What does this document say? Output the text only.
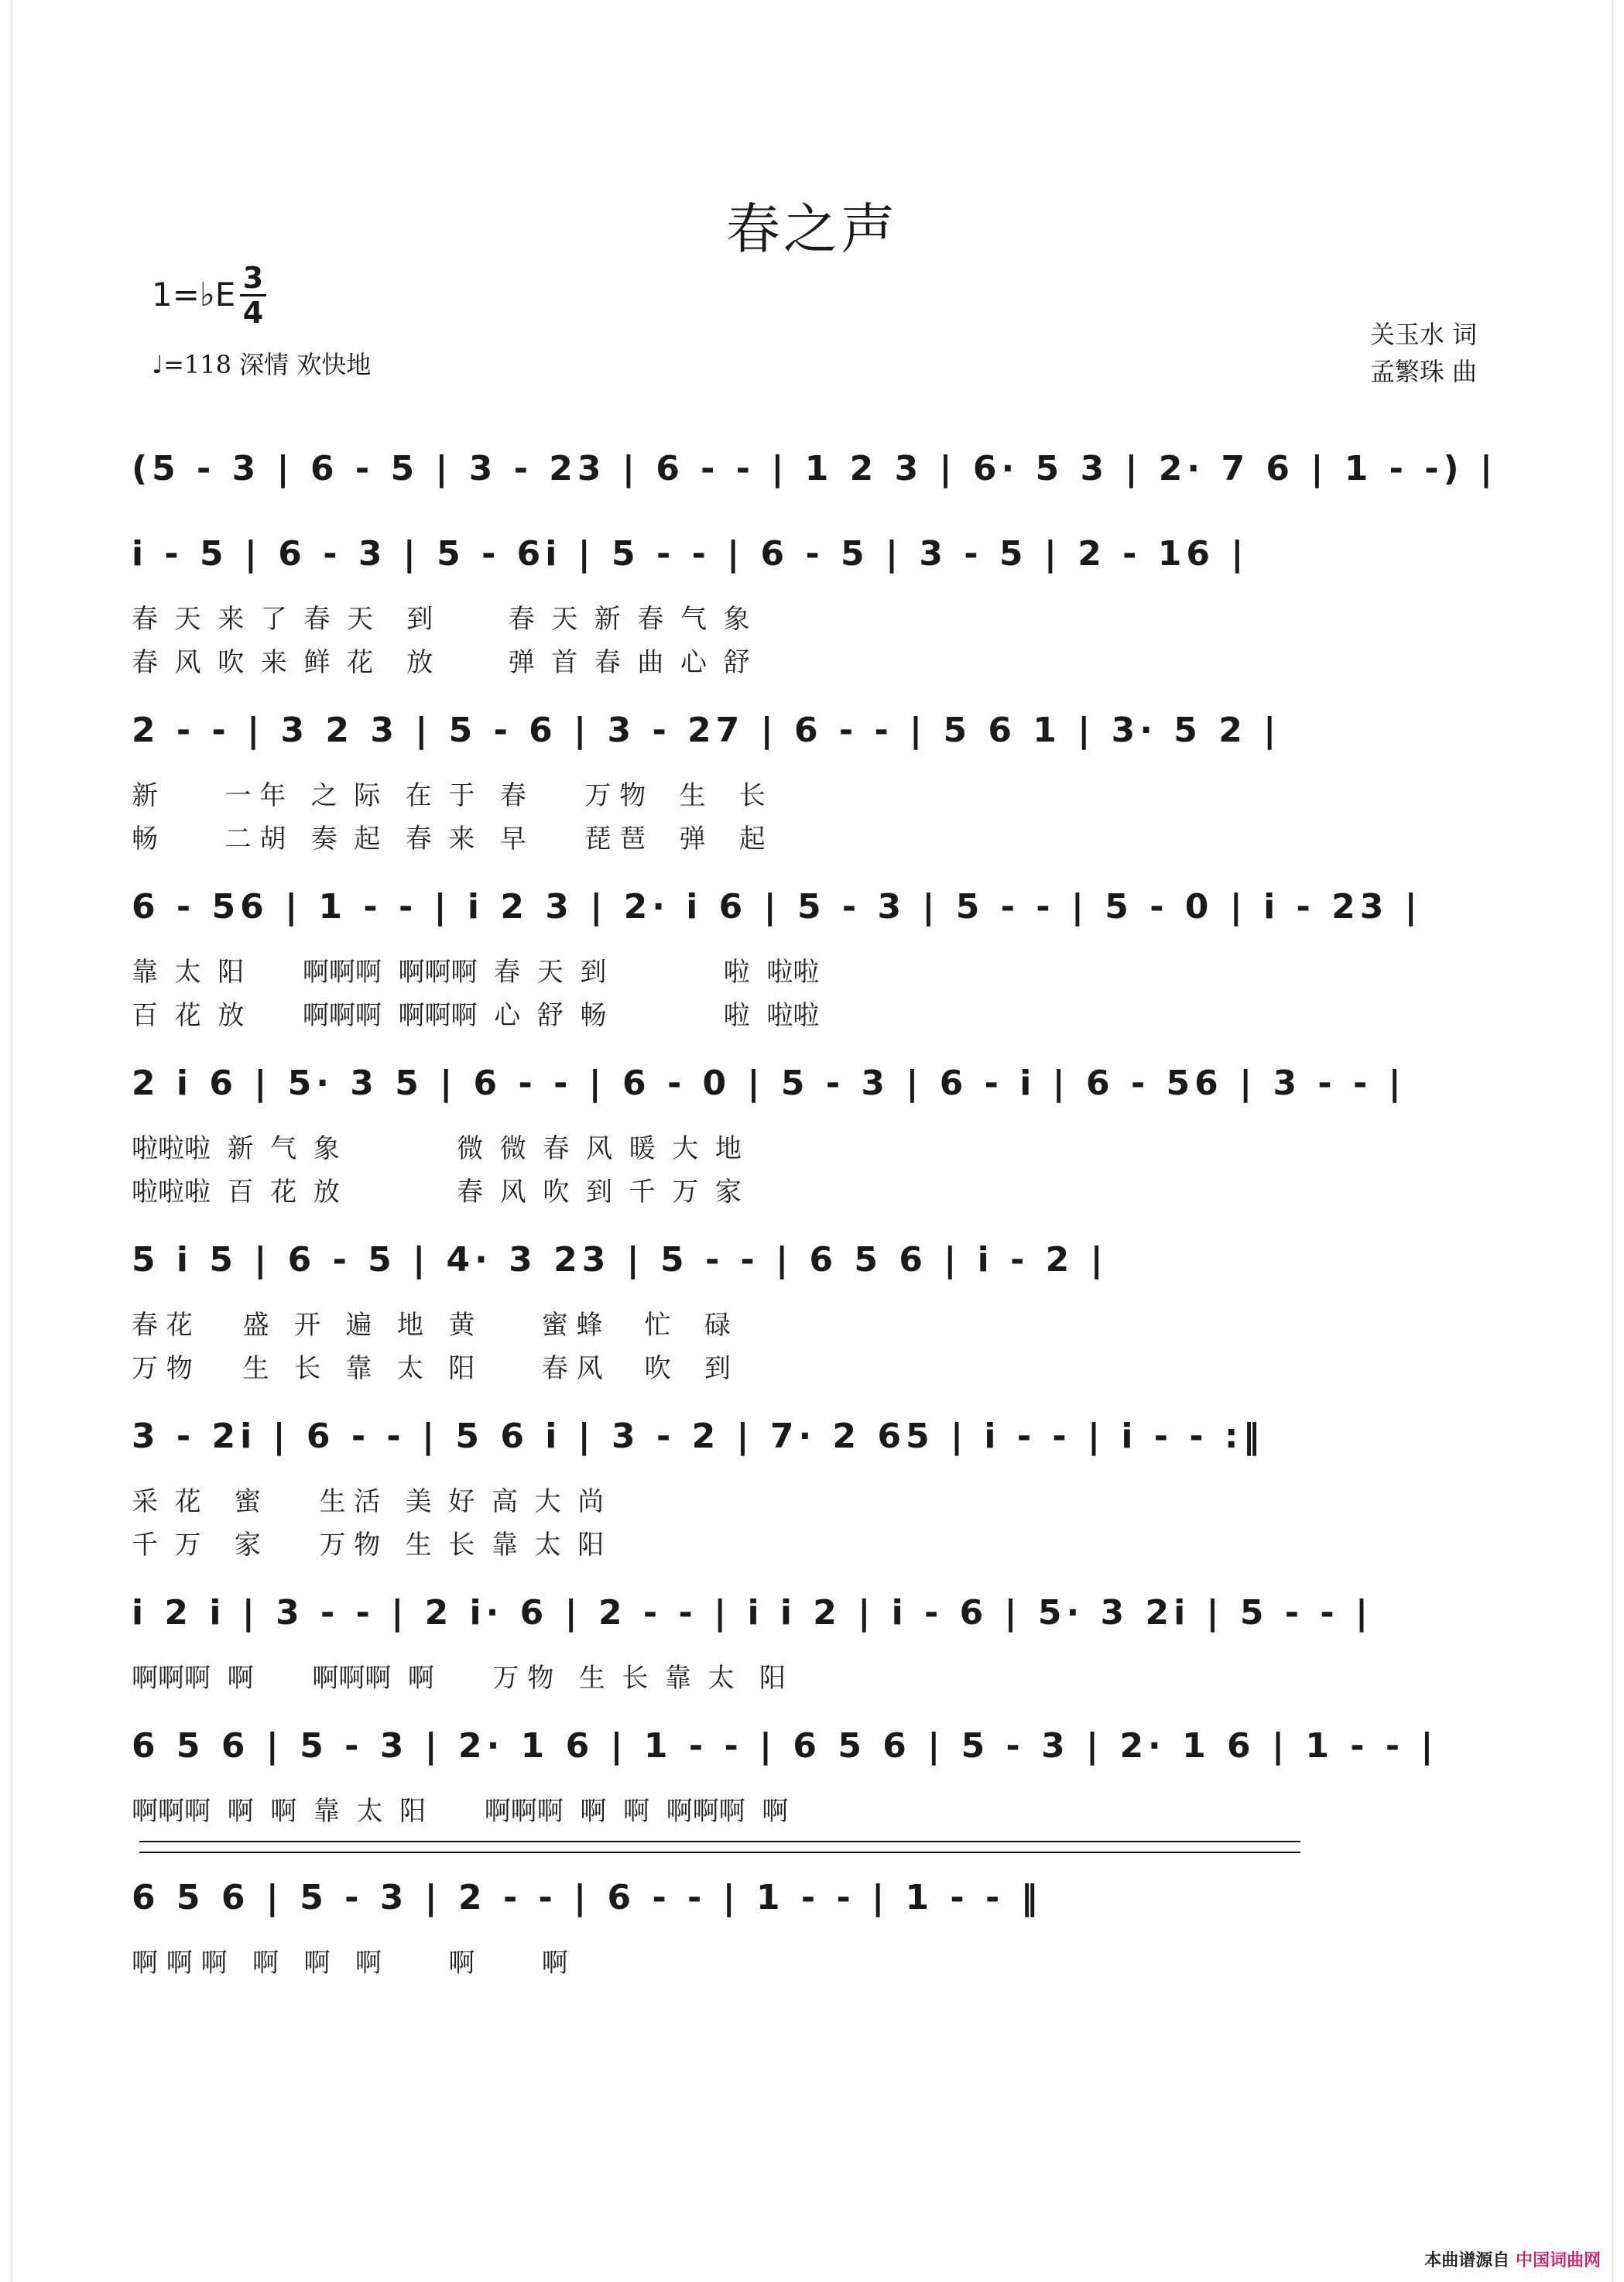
春之声
1=♭E 3
4
♩=118 深情 欢快地
关玉水 词
孟繁珠 曲
(5 - 3 | 6 - 5 | 3 - 23 | 6 - - | 1 2 3 | 6· 5 3 | 2· 7 6 | 1 - -) |
i - 5 | 6 - 3 | 5 - 6i | 5 - - | 6 - 5 | 3 - 5 | 2 - 16 |
春  天  来  了  春  天    到         春  天  新  春  气  象
春  风  吹  来  鲜  花    放         弹  首  春  曲  心  舒
2 - - | 3 2 3 | 5 - 6 | 3 - 27 | 6 - - | 5 6 1 | 3· 5 2 |
新        一 年   之  际   在  于   春       万 物    生    长
畅        二 胡   奏  起   春  来   早       琵 琶    弹    起
6 - 56 | 1 - - | i 2 3 | 2· i 6 | 5 - 3 | 5 - - | 5 - 0 | i - 23 |
靠  太  阳       啊啊啊  啊啊啊  春  天  到              啦  啦啦
百  花  放       啊啊啊  啊啊啊  心  舒  畅              啦  啦啦
2 i 6 | 5· 3 5 | 6 - - | 6 - 0 | 5 - 3 | 6 - i | 6 - 56 | 3 - - |
啦啦啦  新  气  象              微  微  春  风  暖  大  地
啦啦啦  百  花  放              春  风  吹  到  千  万  家
5 i 5 | 6 - 5 | 4· 3 23 | 5 - - | 6 5 6 | i - 2 |
春 花      盛   开   遍   地   黄        蜜 蜂     忙    碌
万 物      生   长   靠   太   阳        春 风     吹    到
3 - 2i | 6 - - | 5 6 i | 3 - 2 | 7· 2 65 | i - - | i - - :‖
采  花    蜜       生 活   美  好  高  大  尚
千  万    家       万 物   生  长  靠  太  阳
i 2 i | 3 - - | 2 i· 6 | 2 - - | i i 2 | i - 6 | 5· 3 2i | 5 - - |
啊啊啊  啊       啊啊啊  啊       万 物   生  长  靠  太   阳
6 5 6 | 5 - 3 | 2· 1 6 | 1 - - | 6 5 6 | 5 - 3 | 2· 1 6 | 1 - - |
啊啊啊  啊  啊  靠  太  阳       啊啊啊  啊  啊  啊啊啊  啊
6 5 6 | 5 - 3 | 2 - - | 6 - - | 1 - - | 1 - - ‖
啊 啊 啊   啊   啊   啊        啊        啊
本曲谱源自 中国词曲网
